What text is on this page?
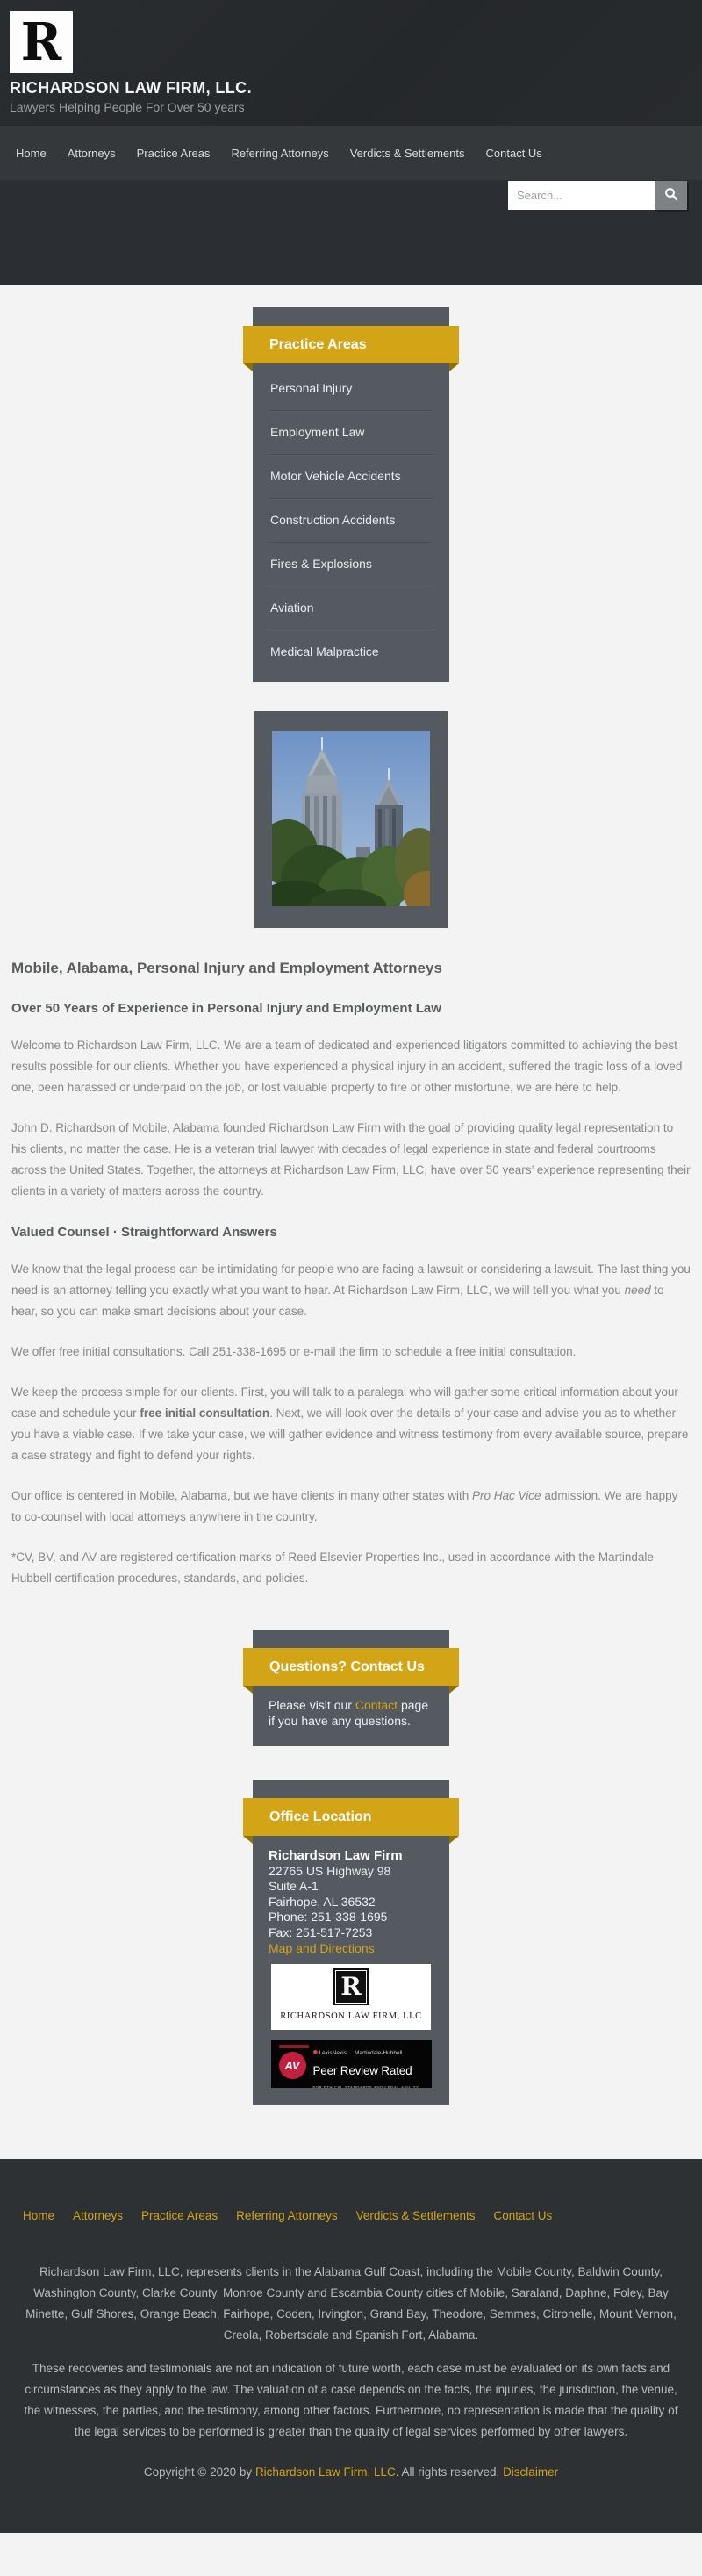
R
RICHARDSON LAW FIRM, LLC.
Lawyers Helping People For Over 50 years
Home Attorneys Practice Areas Referring Attorneys Verdicts & Settlements Contact Us
Search...
Practice Areas
Personal Injury
Employment Law
Motor Vehicle Accidents
Construction Accidents
Fires & Explosions
Aviation
Medical Malpractice
Mobile, Alabama, Personal Injury and Employment Attorneys
Over 50 Years of Experience in Personal Injury and Employment Law

Welcome to Richardson Law Firm, LLC. We are a team of dedicated and experienced litigators committed to achieving the best results possible for our clients. Whether you have experienced a physical injury in an accident, suffered the tragic loss of a loved one, been harassed or underpaid on the job, or lost valuable property to fire or other misfortune, we are here to help.

John D. Richardson of Mobile, Alabama founded Richardson Law Firm with the goal of providing quality legal representation to his clients, no matter the case. He is a veteran trial lawyer with decades of legal experience in state and federal courtrooms across the United States. Together, the attorneys at Richardson Law Firm, LLC, have over 50 years’ experience representing their clients in a variety of matters across the country.

Valued Counsel · Straightforward Answers

We know that the legal process can be intimidating for people who are facing a lawsuit or considering a lawsuit. The last thing you need is an attorney telling you exactly what you want to hear. At Richardson Law Firm, LLC, we will tell you what you need to hear, so you can make smart decisions about your case.

We offer free initial consultations. Call 251-338-1695 or e-mail the firm to schedule a free initial consultation.

We keep the process simple for our clients. First, you will talk to a paralegal who will gather some critical information about your case and schedule your free initial consultation. Next, we will look over the details of your case and advise you as to whether you have a viable case. If we take your case, we will gather evidence and witness testimony from every available source, prepare a case strategy and fight to defend your rights.

Our office is centered in Mobile, Alabama, but we have clients in many other states with Pro Hac Vice admission. We are happy to co-counsel with local attorneys anywhere in the country.

*CV, BV, and AV are registered certification marks of Reed Elsevier Properties Inc., used in accordance with the Martindale-Hubbell certification procedures, standards, and policies.

Questions? Contact Us
Please visit our Contact page if you have any questions.
Office Location
Richardson Law Firm
22765 US Highway 98
Suite A-1
Fairhope, AL 36532
Phone: 251-338-1695
Fax: 251-517-7253
Map and Directions
R
RICHARDSON LAW FIRM, LLC
AV
LexisNexis Martindale-Hubbell
Peer Review Rated
FOR ETHICAL STANDARDS AND LEGAL ABILITY
Home Attorneys Practice Areas Referring Attorneys Verdicts & Settlements Contact Us

Richardson Law Firm, LLC, represents clients in the Alabama Gulf Coast, including the Mobile County, Baldwin County, Washington County, Clarke County, Monroe County and Escambia County cities of Mobile, Saraland, Daphne, Foley, Bay Minette, Gulf Shores, Orange Beach, Fairhope, Coden, Irvington, Grand Bay, Theodore, Semmes, Citronelle, Mount Vernon, Creola, Robertsdale and Spanish Fort, Alabama.

These recoveries and testimonials are not an indication of future worth, each case must be evaluated on its own facts and circumstances as they apply to the law. The valuation of a case depends on the facts, the injuries, the jurisdiction, the venue, the witnesses, the parties, and the testimony, among other factors. Furthermore, no representation is made that the quality of the legal services to be performed is greater than the quality of legal services performed by other lawyers.

Copyright © 2020 by Richardson Law Firm, LLC. All rights reserved. Disclaimer
